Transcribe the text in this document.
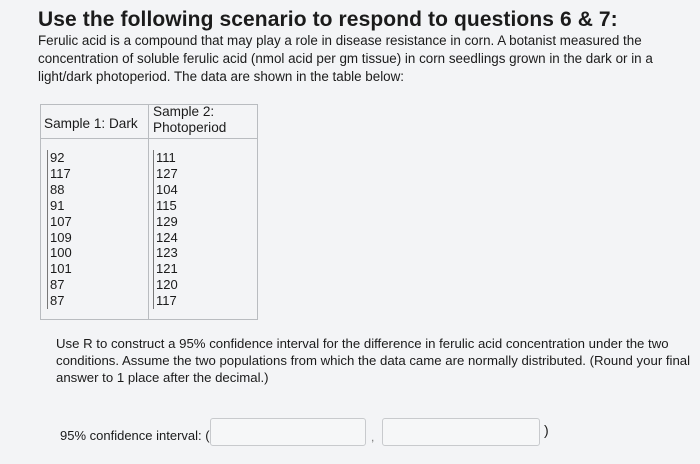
Use the following scenario to respond to questions 6 & 7:

Ferulic acid is a compound that may play a role in disease resistance in corn. A botanist measured the

concentration of soluble ferulic acid (nmol acid per gm tissue) in corn seedlings grown in the dark or in a

light/dark photoperiod. The data are shown in the table below:

Sample 1: Dark
Sample 2:
Photoperiod
92
117
88
91
107
109
100
101
87
87
111
127
104
115
129
124
123
121
120
117

Use R to construct a 95% confidence interval for the difference in ferulic acid concentration under the two

conditions. Assume the two populations from which the data came are normally distributed. (Round your final

answer to 1 place after the decimal.)

95% confidence interval: (	,	)
